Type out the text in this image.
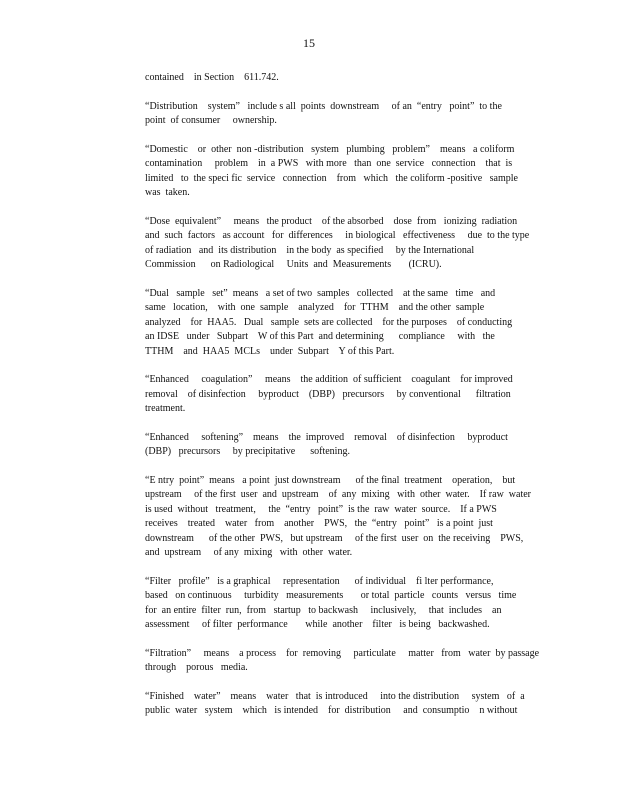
15

contained    in Section    611.742.

“Distribution    system”   include s all  points  downstream     of an  “entry   point”  to the
point  of consumer     ownership.

“Domestic    or  other  non -distribution   system   plumbing   problem”    means   a coliform
contamination     problem    in  a PWS   with more   than  one  service   connection    that  is
limited   to  the speci fic  service   connection    from   which   the coliform -positive   sample
was  taken.

“Dose  equivalent”     means   the product    of the absorbed    dose  from   ionizing  radiation
and  such  factors   as account   for  differences     in biological   effectiveness     due  to the type
of radiation   and  its distribution    in the body  as specified     by the International
Commission      on Radiological     Units  and  Measurements       (ICRU).

“Dual   sample   set”  means   a set of two  samples   collected    at the same   time   and
same   location,    with  one  sample    analyzed    for  TTHM    and the other  sample
analyzed    for  HAA5.   Dual   sample  sets are collected    for the purposes    of conducting
an IDSE   under   Subpart    W of this Part  and determining      compliance     with   the
TTHM    and  HAA5  MCLs    under  Subpart    Y of this Part.

“Enhanced     coagulation”     means    the addition  of sufficient    coagulant    for improved
removal    of disinfection     byproduct    (DBP)   precursors     by conventional      filtration
treatment.

“Enhanced     softening”    means    the  improved    removal    of disinfection     byproduct
(DBP)   precursors     by precipitative      softening.

“E ntry  point”  means   a point  just downstream      of the final  treatment    operation,    but
upstream     of the first  user  and  upstream    of  any  mixing   with  other  water.    If raw  water
is used  without   treatment,     the  “entry   point”  is the  raw  water  source.    If a PWS
receives    treated    water   from    another    PWS,   the  “entry   point”   is a point  just
downstream      of the other  PWS,   but upstream     of the first  user  on  the receiving    PWS,
and  upstream     of any  mixing   with  other  water.

“Filter   profile”   is a graphical     representation      of individual    fi lter performance,
based   on continuous     turbidity   measurements       or total  particle   counts   versus   time
for  an entire  filter  run,  from   startup   to backwash     inclusively,     that  includes    an
assessment     of filter  performance       while  another    filter   is being   backwashed.

“Filtration”     means    a process    for  removing     particulate     matter   from   water  by passage
through    porous   media.

“Finished    water”    means    water   that  is introduced     into the distribution     system   of  a
public  water   system    which   is intended    for  distribution     and  consumptio    n without
